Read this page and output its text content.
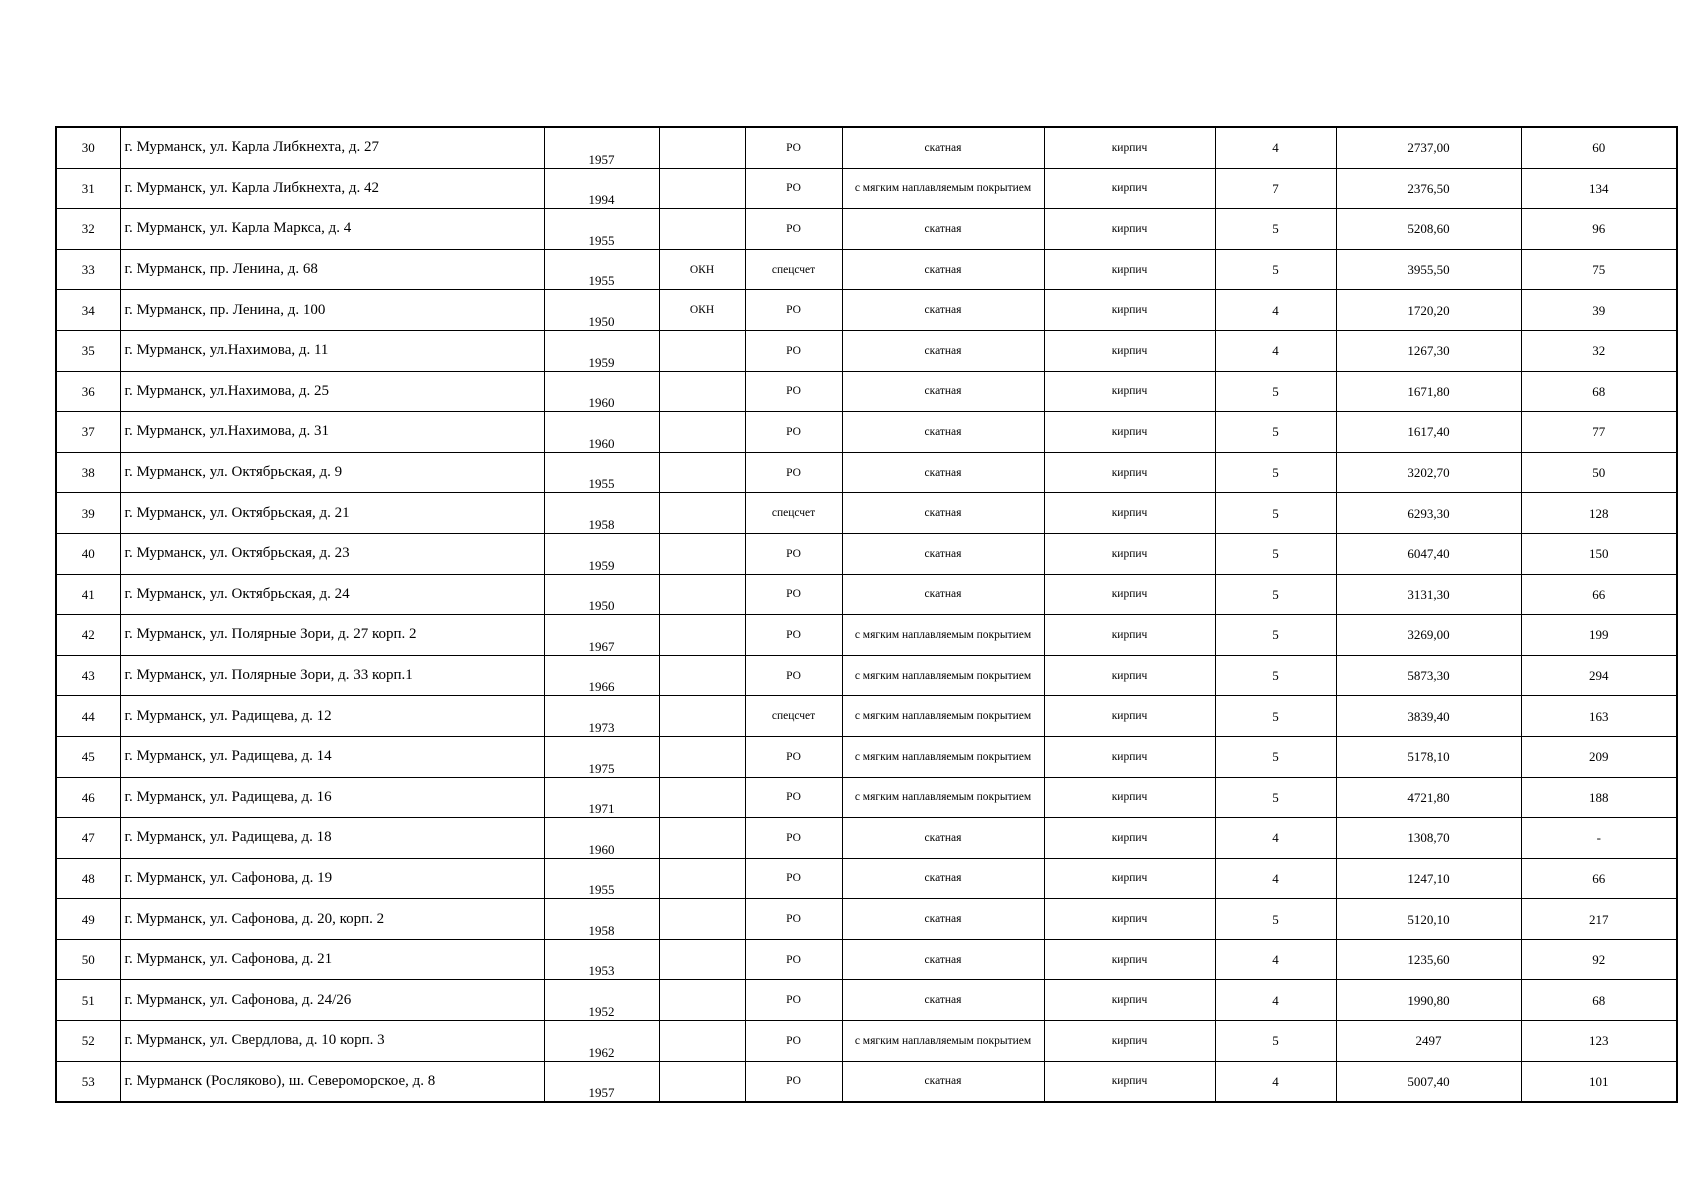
30	г. Мурманск, ул. Карла Либкнехта, д. 27	1957		РО	скатная	кирпич	4	2737,00	60
31	г. Мурманск, ул. Карла Либкнехта, д. 42	1994		РО	с мягким наплавляемым покрытием	кирпич	7	2376,50	134
32	г. Мурманск, ул. Карла Маркса, д. 4	1955		РО	скатная	кирпич	5	5208,60	96
33	г. Мурманск, пр. Ленина, д. 68	1955	ОКН	спецсчет	скатная	кирпич	5	3955,50	75
34	г. Мурманск, пр. Ленина, д. 100	1950	ОКН	РО	скатная	кирпич	4	1720,20	39
35	г. Мурманск, ул.Нахимова, д. 11	1959		РО	скатная	кирпич	4	1267,30	32
36	г. Мурманск, ул.Нахимова, д. 25	1960		РО	скатная	кирпич	5	1671,80	68
37	г. Мурманск, ул.Нахимова, д. 31	1960		РО	скатная	кирпич	5	1617,40	77
38	г. Мурманск, ул. Октябрьская, д. 9	1955		РО	скатная	кирпич	5	3202,70	50
39	г. Мурманск, ул. Октябрьская, д. 21	1958		спецсчет	скатная	кирпич	5	6293,30	128
40	г. Мурманск, ул. Октябрьская, д. 23	1959		РО	скатная	кирпич	5	6047,40	150
41	г. Мурманск, ул. Октябрьская, д. 24	1950		РО	скатная	кирпич	5	3131,30	66
42	г. Мурманск, ул. Полярные Зори, д. 27 корп. 2	1967		РО	с мягким наплавляемым покрытием	кирпич	5	3269,00	199
43	г. Мурманск, ул. Полярные Зори, д. 33 корп.1	1966		РО	с мягким наплавляемым покрытием	кирпич	5	5873,30	294
44	г. Мурманск, ул. Радищева, д. 12	1973		спецсчет	с мягким наплавляемым покрытием	кирпич	5	3839,40	163
45	г. Мурманск, ул. Радищева, д. 14	1975		РО	с мягким наплавляемым покрытием	кирпич	5	5178,10	209
46	г. Мурманск, ул. Радищева, д. 16	1971		РО	с мягким наплавляемым покрытием	кирпич	5	4721,80	188
47	г. Мурманск, ул. Радищева, д. 18	1960		РО	скатная	кирпич	4	1308,70	-
48	г. Мурманск, ул. Сафонова, д. 19	1955		РО	скатная	кирпич	4	1247,10	66
49	г. Мурманск, ул. Сафонова, д. 20, корп. 2	1958		РО	скатная	кирпич	5	5120,10	217
50	г. Мурманск, ул. Сафонова, д. 21	1953		РО	скатная	кирпич	4	1235,60	92
51	г. Мурманск, ул. Сафонова, д. 24/26	1952		РО	скатная	кирпич	4	1990,80	68
52	г. Мурманск, ул. Свердлова, д. 10 корп. 3	1962		РО	с мягким наплавляемым покрытием	кирпич	5	2497	123
53	г. Мурманск (Росляково), ш. Североморское, д. 8	1957		РО	скатная	кирпич	4	5007,40	101
